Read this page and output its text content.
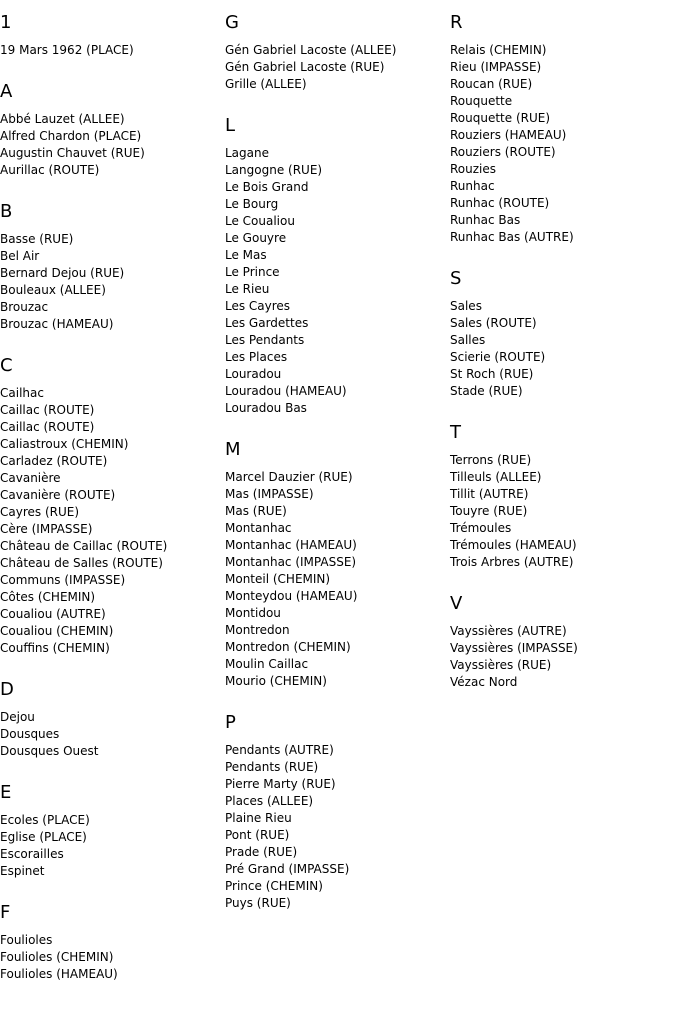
1
19 Mars 1962 (PLACE)
A
Abbé Lauzet (ALLEE)
Alfred Chardon (PLACE)
Augustin Chauvet (RUE)
Aurillac (ROUTE)
B
Basse (RUE)
Bel Air
Bernard Dejou (RUE)
Bouleaux (ALLEE)
Brouzac
Brouzac (HAMEAU)
C
Cailhac
Caillac (ROUTE)
Caillac (ROUTE)
Caliastroux (CHEMIN)
Carladez (ROUTE)
Cavanière
Cavanière (ROUTE)
Cayres (RUE)
Cère (IMPASSE)
Château de Caillac (ROUTE)
Château de Salles (ROUTE)
Communs (IMPASSE)
Côtes (CHEMIN)
Coualiou (AUTRE)
Coualiou (CHEMIN)
Couffins (CHEMIN)
D
Dejou
Dousques
Dousques Ouest
E
Ecoles (PLACE)
Eglise (PLACE)
Escorailles
Espinet
F
Foulioles
Foulioles (CHEMIN)
Foulioles (HAMEAU)
G
Gén Gabriel Lacoste (ALLEE)
Gén Gabriel Lacoste (RUE)
Grille (ALLEE)
L
Lagane
Langogne (RUE)
Le Bois Grand
Le Bourg
Le Coualiou
Le Gouyre
Le Mas
Le Prince
Le Rieu
Les Cayres
Les Gardettes
Les Pendants
Les Places
Louradou
Louradou (HAMEAU)
Louradou Bas
M
Marcel Dauzier (RUE)
Mas (IMPASSE)
Mas (RUE)
Montanhac
Montanhac (HAMEAU)
Montanhac (IMPASSE)
Monteil (CHEMIN)
Monteydou (HAMEAU)
Montidou
Montredon
Montredon (CHEMIN)
Moulin Caillac
Mourio (CHEMIN)
P
Pendants (AUTRE)
Pendants (RUE)
Pierre Marty (RUE)
Places (ALLEE)
Plaine Rieu
Pont (RUE)
Prade (RUE)
Pré Grand (IMPASSE)
Prince (CHEMIN)
Puys (RUE)
R
Relais (CHEMIN)
Rieu (IMPASSE)
Roucan (RUE)
Rouquette
Rouquette (RUE)
Rouziers (HAMEAU)
Rouziers (ROUTE)
Rouzies
Runhac
Runhac (ROUTE)
Runhac Bas
Runhac Bas (AUTRE)
S
Sales
Sales (ROUTE)
Salles
Scierie (ROUTE)
St Roch (RUE)
Stade (RUE)
T
Terrons (RUE)
Tilleuls (ALLEE)
Tillit (AUTRE)
Touyre (RUE)
Trémoules
Trémoules (HAMEAU)
Trois Arbres (AUTRE)
V
Vayssières (AUTRE)
Vayssières (IMPASSE)
Vayssières (RUE)
Vézac Nord
